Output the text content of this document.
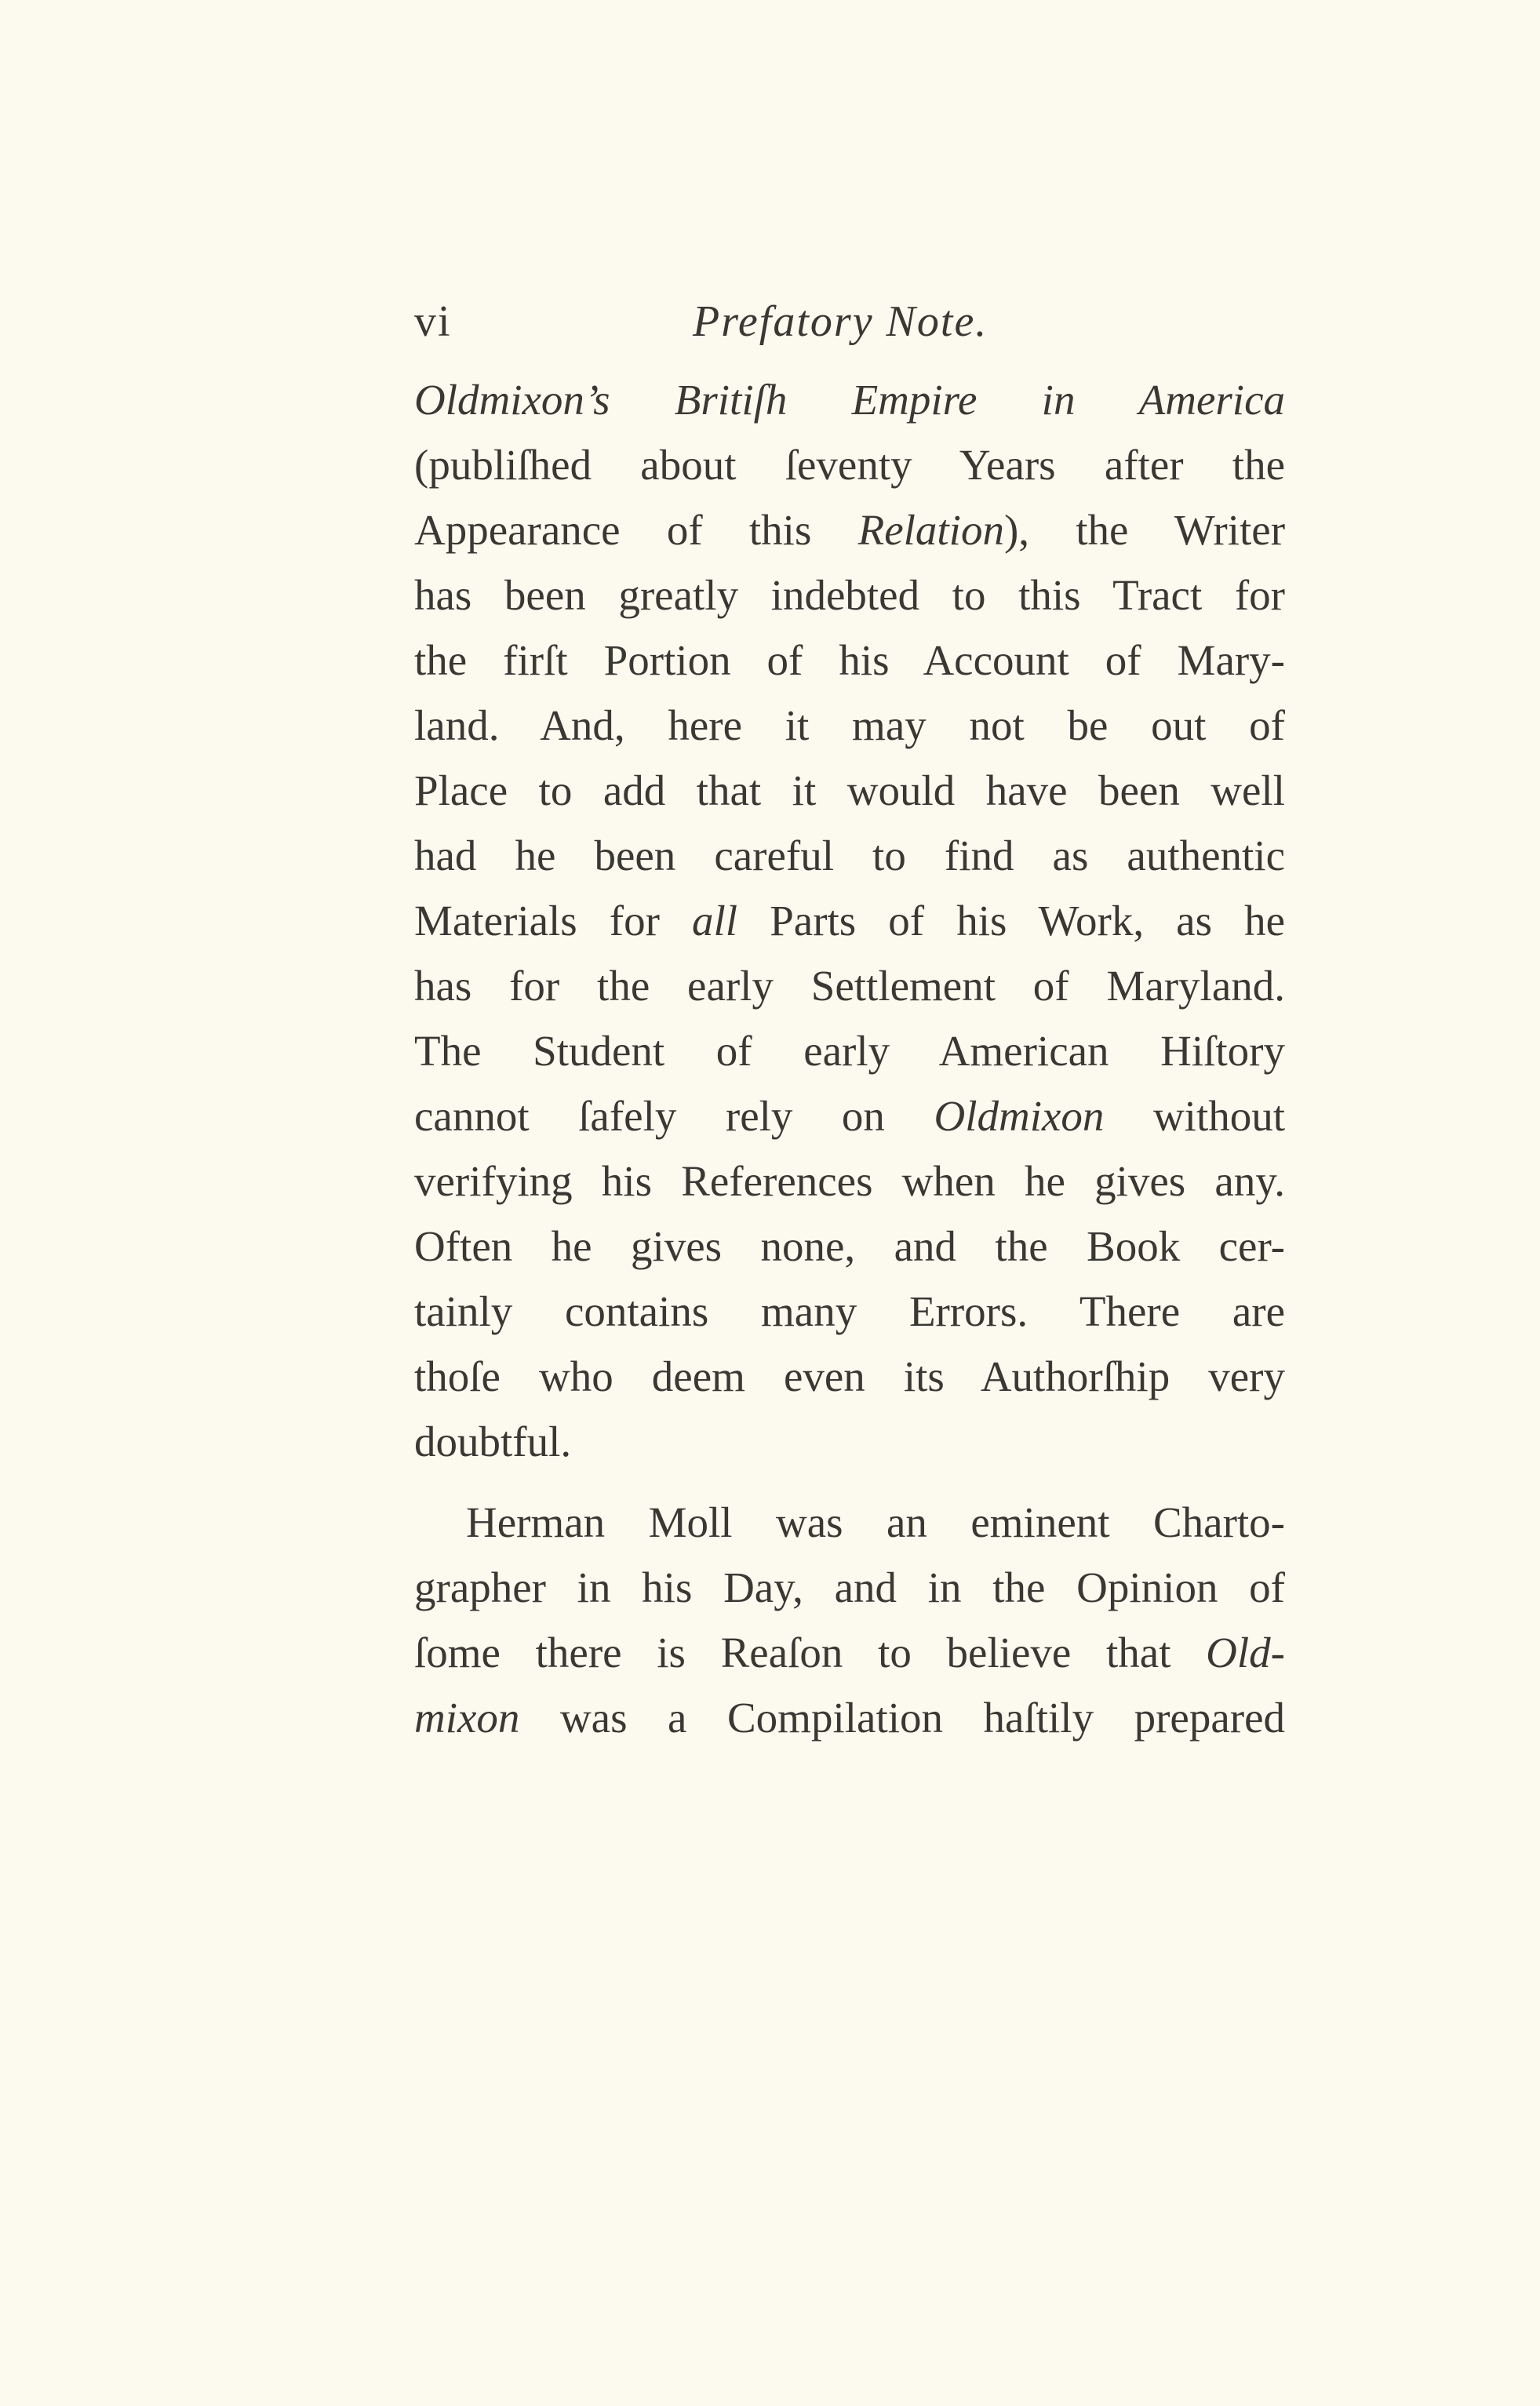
vi	Prefatory Note.
Oldmixon’s Britiſh Empire in America
(publiſhed about ſeventy Years after the
Appearance of this Relation), the Writer
has been greatly indebted to this Tract for
the firſt Portion of his Account of Mary-
land. And, here it may not be out of
Place to add that it would have been well
had he been careful to find as authentic
Materials for all Parts of his Work, as he
has for the early Settlement of Maryland.
The Student of early American Hiſtory
cannot ſafely rely on Oldmixon without
verifying his References when he gives any.
Often he gives none, and the Book cer-
tainly contains many Errors. There are
thoſe who deem even its Authorſhip very
doubtful.
Herman Moll was an eminent Charto-
grapher in his Day, and in the Opinion of
ſome there is Reaſon to believe that Old-
mixon was a Compilation haſtily prepared
